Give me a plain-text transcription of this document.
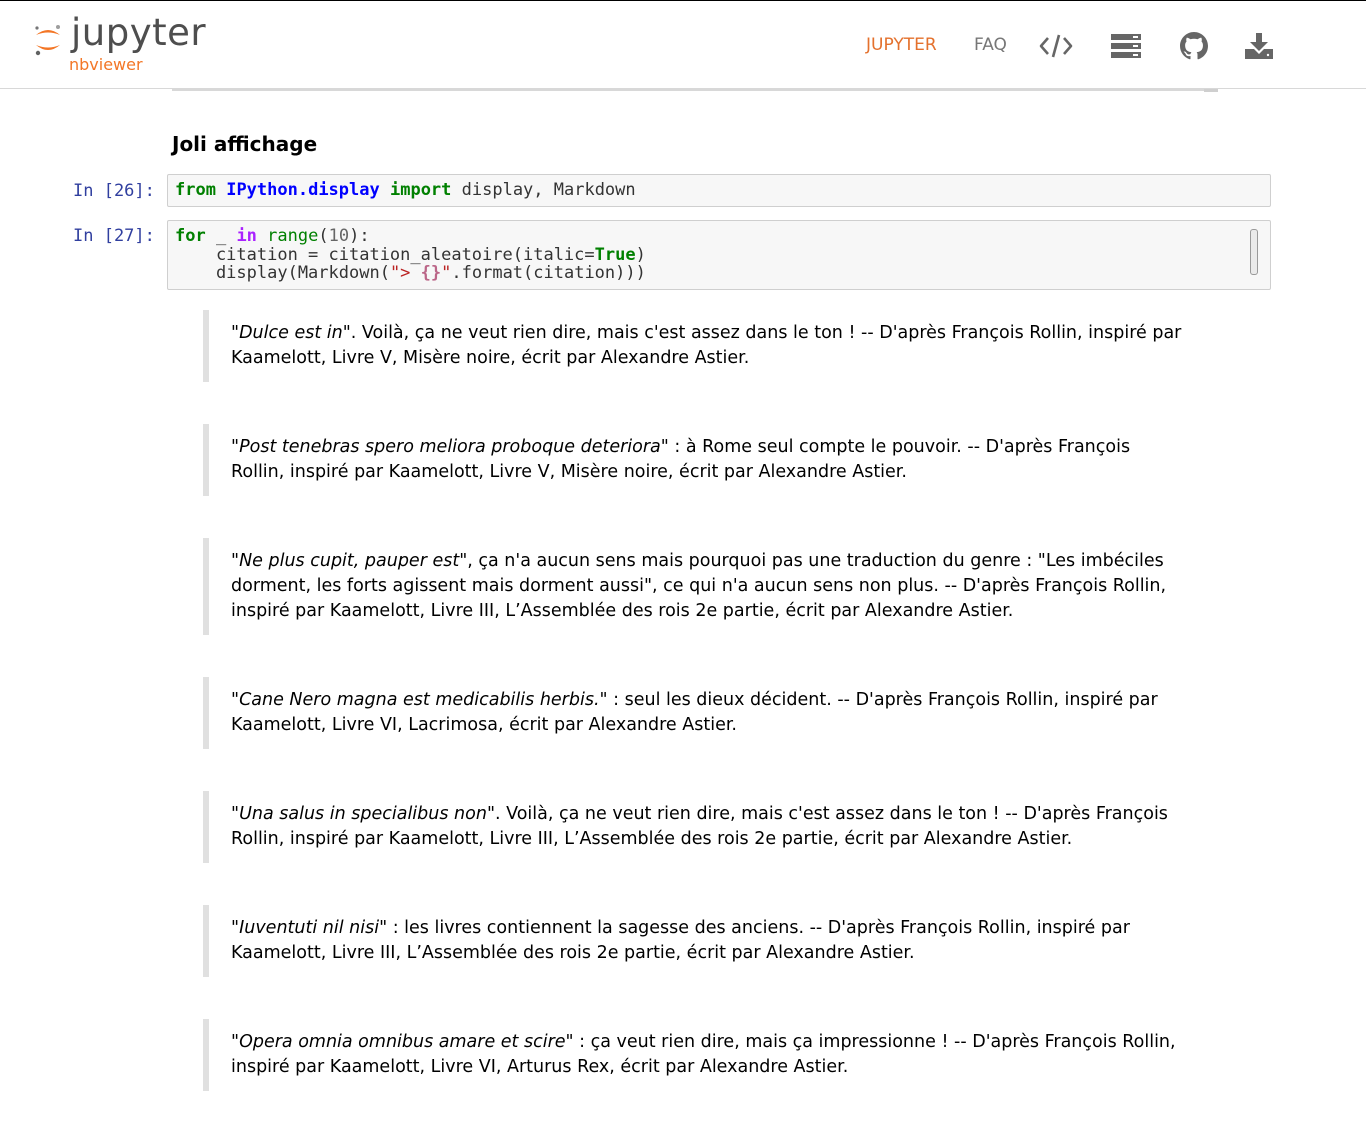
jupyter
nbviewer
JUPYTER FAQ
Joli affichage
In [26]:	from IPython.display import display, Markdown
In [27]:	for _ in range(10):
citation = citation_aleatoire(italic=True)
display(Markdown("> {}".format(citation)))

"Dulce est in". Voilà, ça ne veut rien dire, mais c'est assez dans le ton ! -- D'après François Rollin, inspiré par Kaamelott, Livre V, Misère noire, écrit par Alexandre Astier.

"Post tenebras spero meliora proboque deteriora" : à Rome seul compte le pouvoir. -- D'après François Rollin, inspiré par Kaamelott, Livre V, Misère noire, écrit par Alexandre Astier.

"Ne plus cupit, pauper est", ça n'a aucun sens mais pourquoi pas une traduction du genre : "Les imbéciles dorment, les forts agissent mais dorment aussi", ce qui n'a aucun sens non plus. -- D'après François Rollin, inspiré par Kaamelott, Livre III, L’Assemblée des rois 2e partie, écrit par Alexandre Astier.

"Cane Nero magna est medicabilis herbis." : seul les dieux décident. -- D'après François Rollin, inspiré par Kaamelott, Livre VI, Lacrimosa, écrit par Alexandre Astier.

"Una salus in specialibus non". Voilà, ça ne veut rien dire, mais c'est assez dans le ton ! -- D'après François Rollin, inspiré par Kaamelott, Livre III, L’Assemblée des rois 2e partie, écrit par Alexandre Astier.

"Iuventuti nil nisi" : les livres contiennent la sagesse des anciens. -- D'après François Rollin, inspiré par Kaamelott, Livre III, L’Assemblée des rois 2e partie, écrit par Alexandre Astier.

"Opera omnia omnibus amare et scire" : ça veut rien dire, mais ça impressionne ! -- D'après François Rollin, inspiré par Kaamelott, Livre VI, Arturus Rex, écrit par Alexandre Astier.
